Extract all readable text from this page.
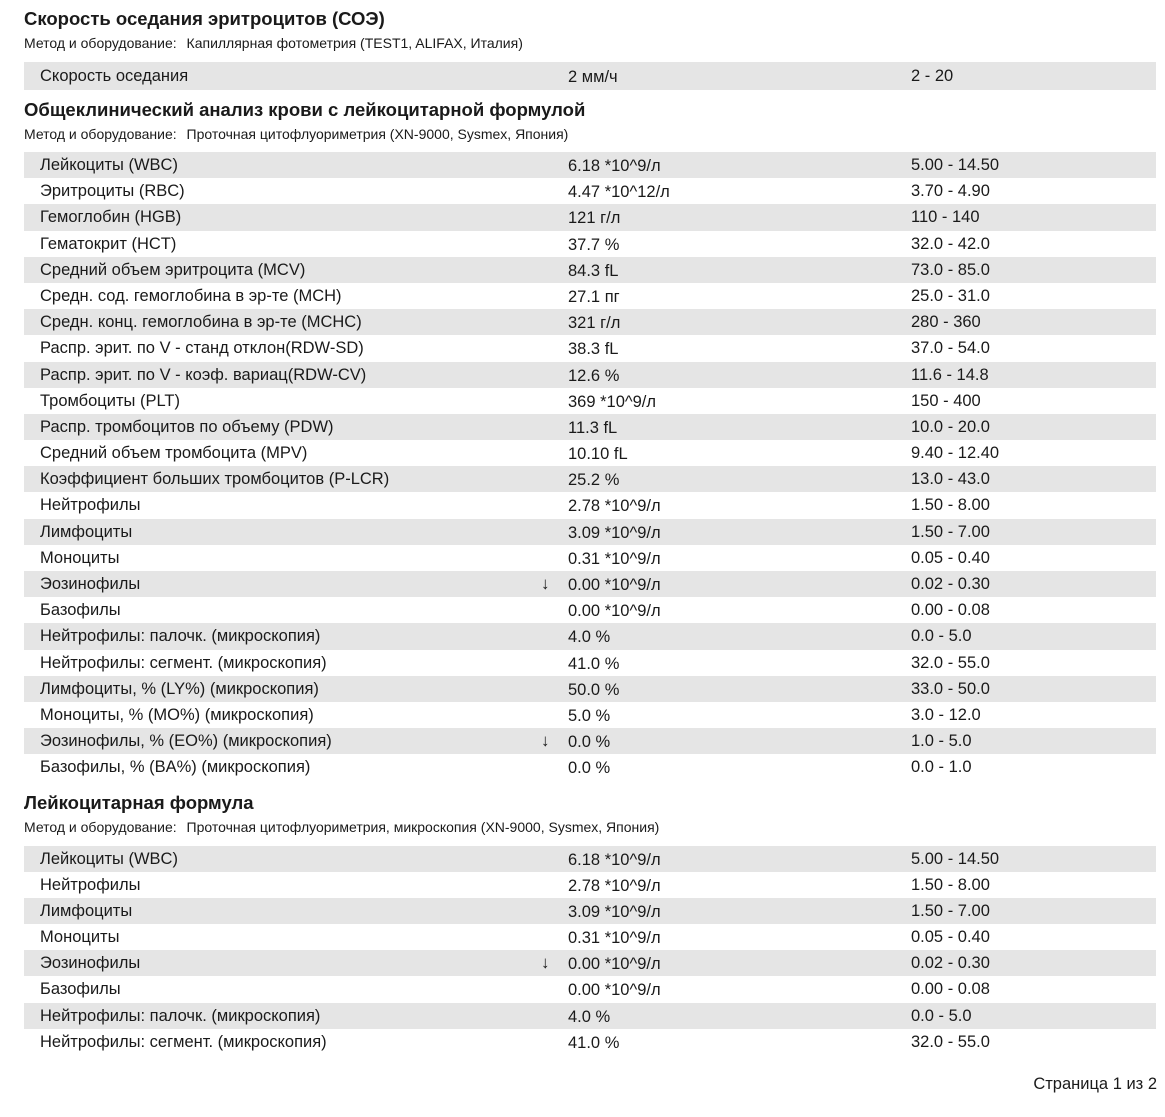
Скорость оседания эритроцитов (СОЭ)
Метод и оборудование: Капиллярная фотометрия (TEST1, ALIFAX, Италия)
Скорость оседания	2 мм/ч	2 - 20
Общеклинический анализ крови с лейкоцитарной формулой
Метод и оборудование: Проточная цитофлуориметрия (XN-9000, Sysmex, Япония)
Лейкоциты (WBC)	6.18 *10^9/л	5.00 - 14.50
Эритроциты (RBC)	4.47 *10^12/л	3.70 - 4.90
Гемоглобин (HGB)	121 г/л	110 - 140
Гематокрит (HCT)	37.7 %	32.0 - 42.0
Средний объем эритроцита (MCV)	84.3 fL	73.0 - 85.0
Средн. сод. гемоглобина в эр-те (MCH)	27.1 пг	25.0 - 31.0
Средн. конц. гемоглобина в эр-те (MCHC)	321 г/л	280 - 360
Распр. эрит. по V - станд отклон(RDW-SD)	38.3 fL	37.0 - 54.0
Распр. эрит. по V - коэф. вариац(RDW-CV)	12.6 %	11.6 - 14.8
Тромбоциты (PLT)	369 *10^9/л	150 - 400
Распр. тромбоцитов по объему (PDW)	11.3 fL	10.0 - 20.0
Средний объем тромбоцита (MPV)	10.10 fL	9.40 - 12.40
Коэффициент больших тромбоцитов (P-LCR)	25.2 %	13.0 - 43.0
Нейтрофилы	2.78 *10^9/л	1.50 - 8.00
Лимфоциты	3.09 *10^9/л	1.50 - 7.00
Моноциты	0.31 *10^9/л	0.05 - 0.40
Эозинофилы	↓ 0.00 *10^9/л	0.02 - 0.30
Базофилы	0.00 *10^9/л	0.00 - 0.08
Нейтрофилы: палочк. (микроскопия)	4.0 %	0.0 - 5.0
Нейтрофилы: сегмент. (микроскопия)	41.0 %	32.0 - 55.0
Лимфоциты, % (LY%) (микроскопия)	50.0 %	33.0 - 50.0
Моноциты, % (MO%) (микроскопия)	5.0 %	3.0 - 12.0
Эозинофилы, % (EO%) (микроскопия)	↓ 0.0 %	1.0 - 5.0
Базофилы, % (BA%) (микроскопия)	0.0 %	0.0 - 1.0
Лейкоцитарная формула
Метод и оборудование: Проточная цитофлуориметрия, микроскопия (XN-9000, Sysmex, Япония)
Лейкоциты (WBC)	6.18 *10^9/л	5.00 - 14.50
Нейтрофилы	2.78 *10^9/л	1.50 - 8.00
Лимфоциты	3.09 *10^9/л	1.50 - 7.00
Моноциты	0.31 *10^9/л	0.05 - 0.40
Эозинофилы	↓ 0.00 *10^9/л	0.02 - 0.30
Базофилы	0.00 *10^9/л	0.00 - 0.08
Нейтрофилы: палочк. (микроскопия)	4.0 %	0.0 - 5.0
Нейтрофилы: сегмент. (микроскопия)	41.0 %	32.0 - 55.0
Страница 1 из 2
